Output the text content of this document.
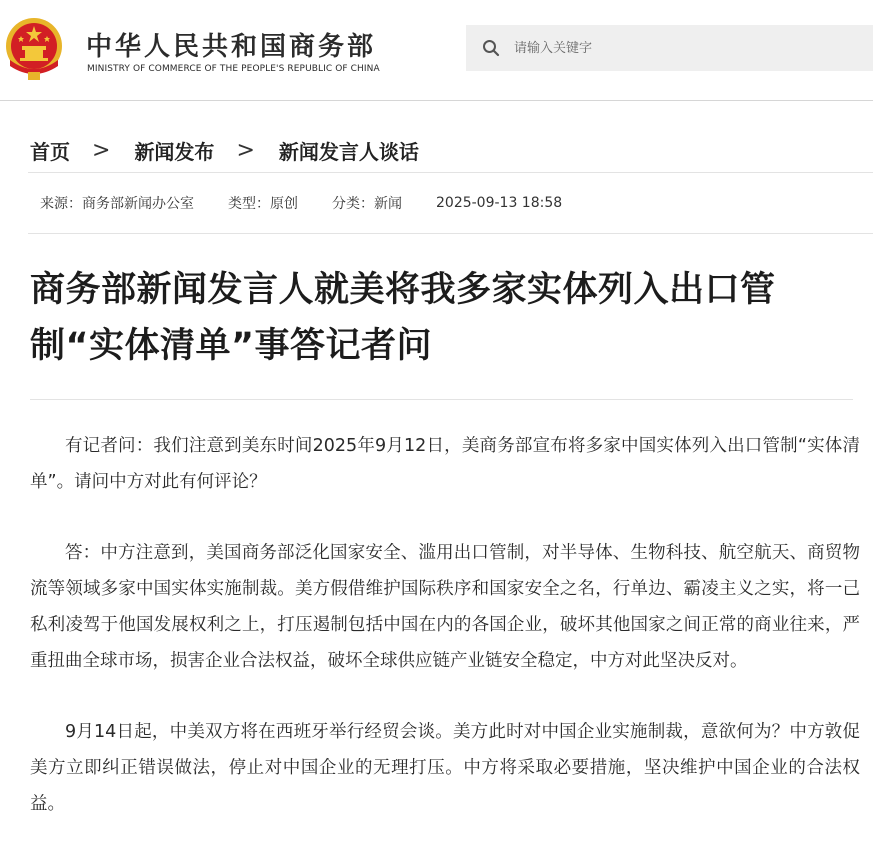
中华人民共和国商务部
MINISTRY OF COMMERCE OF THE PEOPLE'S REPUBLIC OF CHINA
请输入关键字
首页 > 新闻发布 > 新闻发言人谈话
来源：商务部新闻办公室 类型：原创 分类：新闻 2025-09-13 18:58
商务部新闻发言人就美将我多家实体列入出口管制“实体清单”事答记者问

有记者问：我们注意到美东时间2025年9月12日，美商务部宣布将多家中国实体列入出口管制“实体清单”。请问中方对此有何评论？

答：中方注意到，美国商务部泛化国家安全、滥用出口管制，对半导体、生物科技、航空航天、商贸物流等领域多家中国实体实施制裁。美方假借维护国际秩序和国家安全之名，行单边、霸凌主义之实，将一己私利凌驾于他国发展权利之上，打压遏制包括中国在内的各国企业，破坏其他国家之间正常的商业往来，严重扭曲全球市场，损害企业合法权益，破坏全球供应链产业链安全稳定，中方对此坚决反对。

9月14日起，中美双方将在西班牙举行经贸会谈。美方此时对中国企业实施制裁，意欲何为？中方敦促美方立即纠正错误做法，停止对中国企业的无理打压。中方将采取必要措施，坚决维护中国企业的合法权益。
